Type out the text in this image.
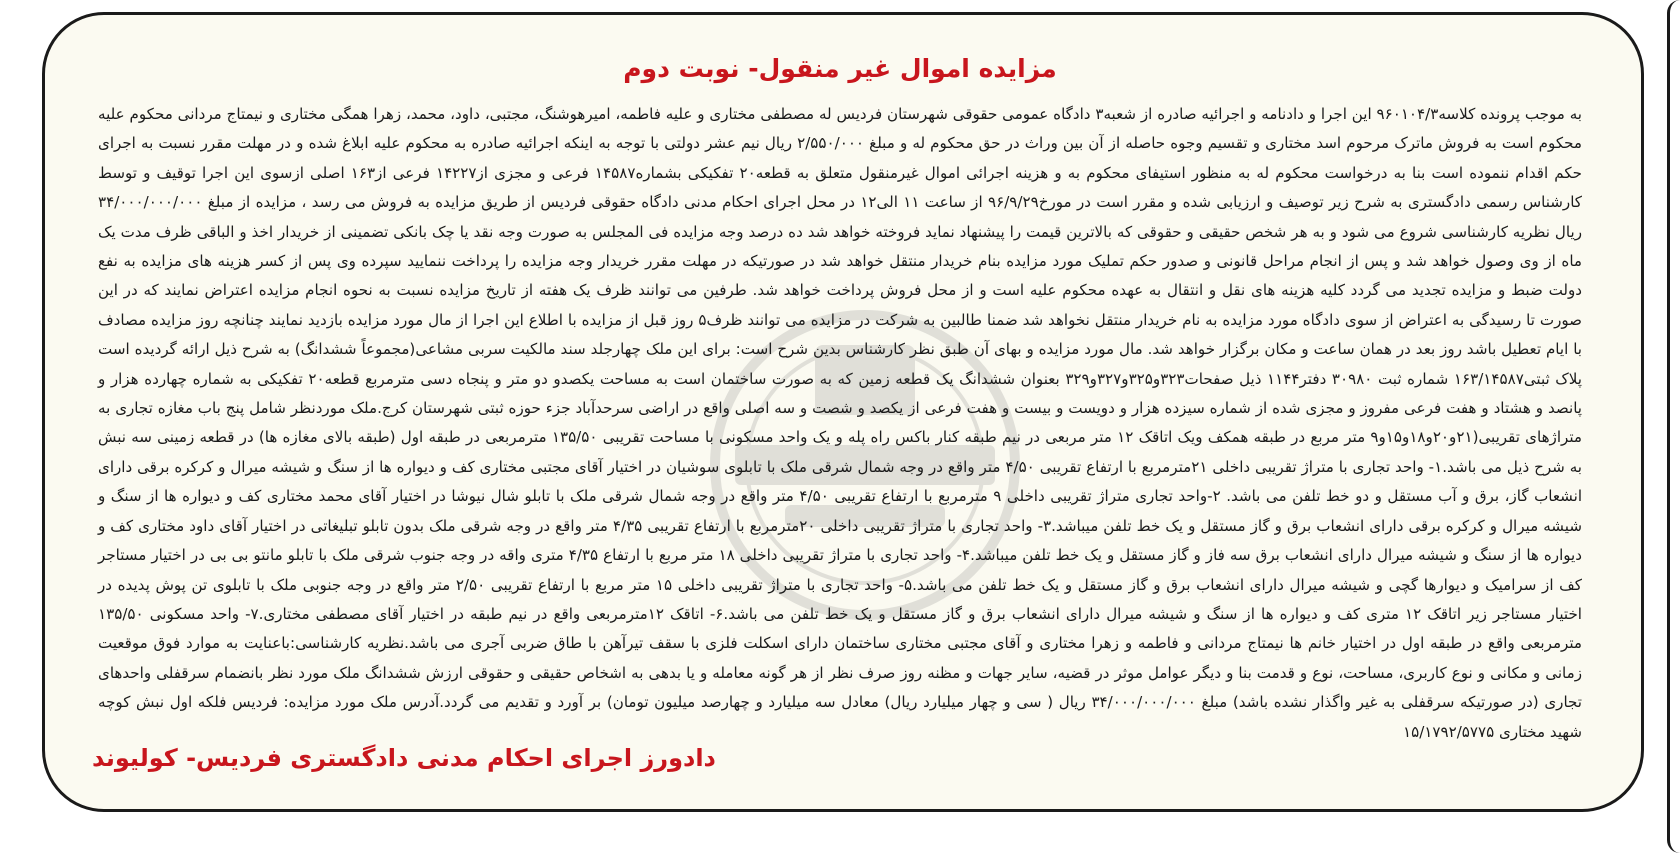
مزایده اموال غیر منقول- نوبت دوم

به موجب پرونده کلاسه۹۶۰۱۰۴/۳ این اجرا و دادنامه و اجرائیه صادره از شعبه۳ دادگاه عمومی حقوقی شهرستان فردیس له مصطفی مختاری و علیه فاطمه، امیرهوشنگ، مجتبی، داود، محمد، زهرا همگی مختاری و نیمتاج مردانی محکوم علیه محکوم است به فروش ماترک مرحوم اسد مختاری و تقسیم وجوه حاصله از آن بین وراث در حق محکوم له و مبلغ ۲/۵۵۰/۰۰۰ ریال نیم عشر دولتی با توجه به اینکه اجرائیه صادره به محکوم علیه ابلاغ شده و در مهلت مقرر نسبت به اجرای حکم اقدام ننموده است بنا به درخواست محکوم له به منظور استیفای محکوم به و هزینه اجرائی اموال غیرمنقول متعلق به قطعه۲۰ تفکیکی بشماره۱۴۵۸۷ فرعی و مجزی از۱۴۲۲۷ فرعی از۱۶۳ اصلی ازسوی این اجرا توقیف و توسط کارشناس رسمی دادگستری به شرح زیر توصیف و ارزیابی شده و مقرر است در مورخ۹۶/۹/۲۹ از ساعت ۱۱ الی۱۲ در محل اجرای احکام مدنی دادگاه حقوقی فردیس از طریق مزایده به فروش می رسد ، مزایده از مبلغ ۳۴/۰۰۰/۰۰۰/۰۰۰ ریال نظریه کارشناسی شروع می شود و به هر شخص حقیقی و حقوقی که بالاترین قیمت را پیشنهاد نماید فروخته خواهد شد ده درصد وجه مزایده فی المجلس به صورت وجه نقد یا چک بانکی تضمینی از خریدار اخذ و الباقی ظرف مدت یک ماه از وی وصول خواهد شد و پس از انجام مراحل قانونی و صدور حکم تملیک مورد مزایده بنام خریدار منتقل خواهد شد در صورتیکه در مهلت مقرر خریدار وجه مزایده را پرداخت ننمایید سپرده وی پس از کسر هزینه های مزایده به نفع دولت ضبط و مزایده تجدید می گردد کلیه هزینه های نقل و انتقال به عهده محکوم علیه است و از محل فروش پرداخت خواهد شد. طرفین می توانند ظرف یک هفته از تاریخ مزایده نسبت به نحوه انجام مزایده اعتراض نمایند که در این صورت تا رسیدگی به اعتراض از سوی دادگاه مورد مزایده به نام خریدار منتقل نخواهد شد ضمنا طالبین به شرکت در مزایده می توانند ظرف۵ روز قبل از مزایده با اطلاع این اجرا از مال مورد مزایده بازدید نمایند چنانچه روز مزایده مصادف با ایام تعطیل باشد روز بعد در همان ساعت و مکان برگزار خواهد شد. مال مورد مزایده و بهای آن طبق نظر کارشناس بدین شرح است: برای این ملک چهارجلد سند مالکیت سربی مشاعی(مجموعاً ششدانگ) به شرح ذیل ارائه گردیده است پلاک ثبتی۱۶۳/۱۴۵۸۷ شماره ثبت ۳۰۹۸۰ دفتر۱۱۴۴ ذیل صفحات۳۲۳و۳۲۵و۳۲۷و۳۲۹ بعنوان ششدانگ یک قطعه زمین که به صورت ساختمان است به مساحت یکصدو دو متر و پنجاه دسی مترمربع قطعه۲۰ تفکیکی به شماره چهارده هزار و پانصد و هشتاد و هفت فرعی مفروز و مجزی شده از شماره سیزده هزار و دویست و بیست و هفت فرعی از یکصد و شصت و سه اصلی واقع در اراضی سرحدآباد جزء حوزه ثبتی شهرستان کرج.ملک موردنظر شامل پنج باب مغازه تجاری به متراژهای تقریبی(۲۱و۲۰و۱۸و۱۵و۹ متر مربع در طبقه همکف ویک اتاقک ۱۲ متر مربعی در نیم طبقه کنار باکس راه پله و یک واحد مسکونی با مساحت تقریبی ۱۳۵/۵۰ مترمربعی در طبقه اول (طبقه بالای مغازه ها) در قطعه زمینی سه نبش به شرح ذیل می باشد.۱- واحد تجاری با متراژ تقریبی داخلی ۲۱مترمربع با ارتفاع تقریبی ۴/۵۰ متر واقع در وجه شمال شرقی ملک با تابلوی سوشیان در اختیار آقای مجتبی مختاری کف و دیواره ها از سنگ و شیشه میرال و کرکره برقی دارای انشعاب گاز، برق و آب مستقل و دو خط تلفن می باشد. ۲-واحد تجاری متراژ تقریبی داخلی ۹ مترمربع با ارتفاع تقریبی ۴/۵۰ متر واقع در وجه شمال شرقی ملک با تابلو شال نیوشا در اختیار آقای محمد مختاری کف و دیواره ها از سنگ و شیشه میرال و کرکره برقی دارای انشعاب برق و گاز مستقل و یک خط تلفن میباشد.۳- واحد تجاری با متراژ تقریبی داخلی ۲۰مترمربع با ارتفاع تقریبی ۴/۳۵ متر واقع در وجه شرقی ملک بدون تابلو تبلیغاتی در اختیار آقای داود مختاری کف و دیواره ها از سنگ و شیشه میرال دارای انشعاب برق سه فاز و گاز مستقل و یک خط تلفن میباشد.۴- واحد تجاری با متراژ تقریبی داخلی ۱۸ متر مربع با ارتفاع ۴/۳۵ متری واقه در وجه جنوب شرقی ملک با تابلو مانتو بی بی در اختیار مستاجر کف از سرامیک و دیوارها گچی و شیشه میرال دارای انشعاب برق و گاز مستقل و یک خط تلفن می باشد.۵- واحد تجاری با متراژ تقریبی داخلی ۱۵ متر مربع با ارتفاع تقریبی ۲/۵۰ متر واقع در وجه جنوبی ملک با تابلوی تن پوش پدیده در اختیار مستاجر زیر اتاقک ۱۲ متری کف و دیواره ها از سنگ و شیشه میرال دارای انشعاب برق و گاز مستقل و یک خط تلفن می باشد.۶- اتاقک ۱۲مترمربعی واقع در نیم طبقه در اختیار آقای مصطفی مختاری.۷- واحد مسکونی ۱۳۵/۵۰ مترمربعی واقع در طبقه اول در اختیار خانم ها نیمتاج مردانی و فاطمه و زهرا مختاری و آقای مجتبی مختاری ساختمان دارای اسکلت فلزی با سقف تیرآهن با طاق ضربی آجری می باشد.نظریه کارشناسی:باعنایت به موارد فوق موقعیت زمانی و مکانی و نوع کاربری، مساحت، نوع و قدمت بنا و دیگر عوامل موثر در قضیه، سایر جهات و مظنه روز صرف نظر از هر گونه معامله و یا بدهی به اشخاص حقیقی و حقوقی ارزش ششدانگ ملک مورد نظر بانضمام سرقفلی واحدهای تجاری (در صورتیکه سرقفلی به غیر واگذار نشده باشد) مبلغ ۳۴/۰۰۰/۰۰۰/۰۰۰ ریال ( سی و چهار میلیارد ریال) معادل سه میلیارد و چهارصد میلیون تومان) بر آورد و تقدیم می گردد.آدرس ملک مورد مزایده: فردیس فلکه اول نبش کوچه شهید مختاری ۱۵/۱۷۹۲/۵۷۷۵

دادورز اجرای احکام مدنی دادگستری فردیس- کولیوند
